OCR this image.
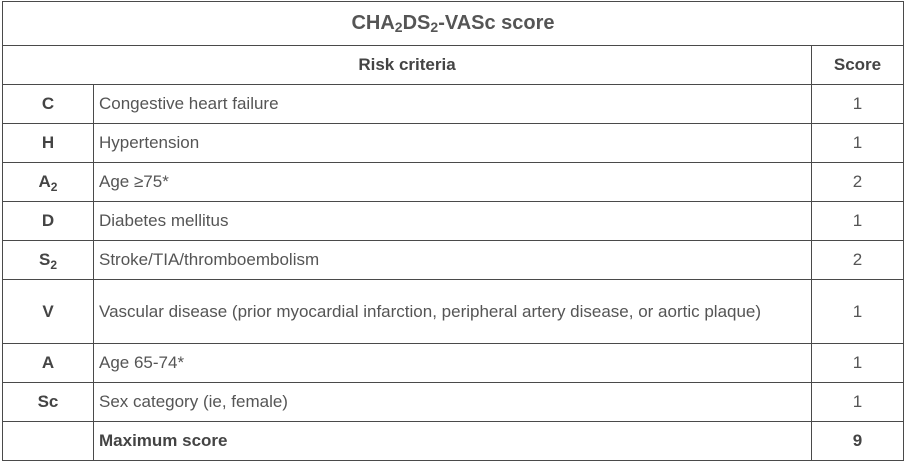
$CHA_2DS_2$-VASc score		
Risk criteria		Score
C	Congestive heart failure	1
H	Hypertension	1
$A_2$	Age ≥75*	2
D	Diabetes mellitus	1
$S_2$	Stroke/TIA/thromboembolism	2
V	Vascular disease (prior myocardial infarction, peripheral artery disease, or aortic plaque)	1
A	Age 65-74*	1
Sc	Sex category (ie, female)	1
	Maximum score	9
